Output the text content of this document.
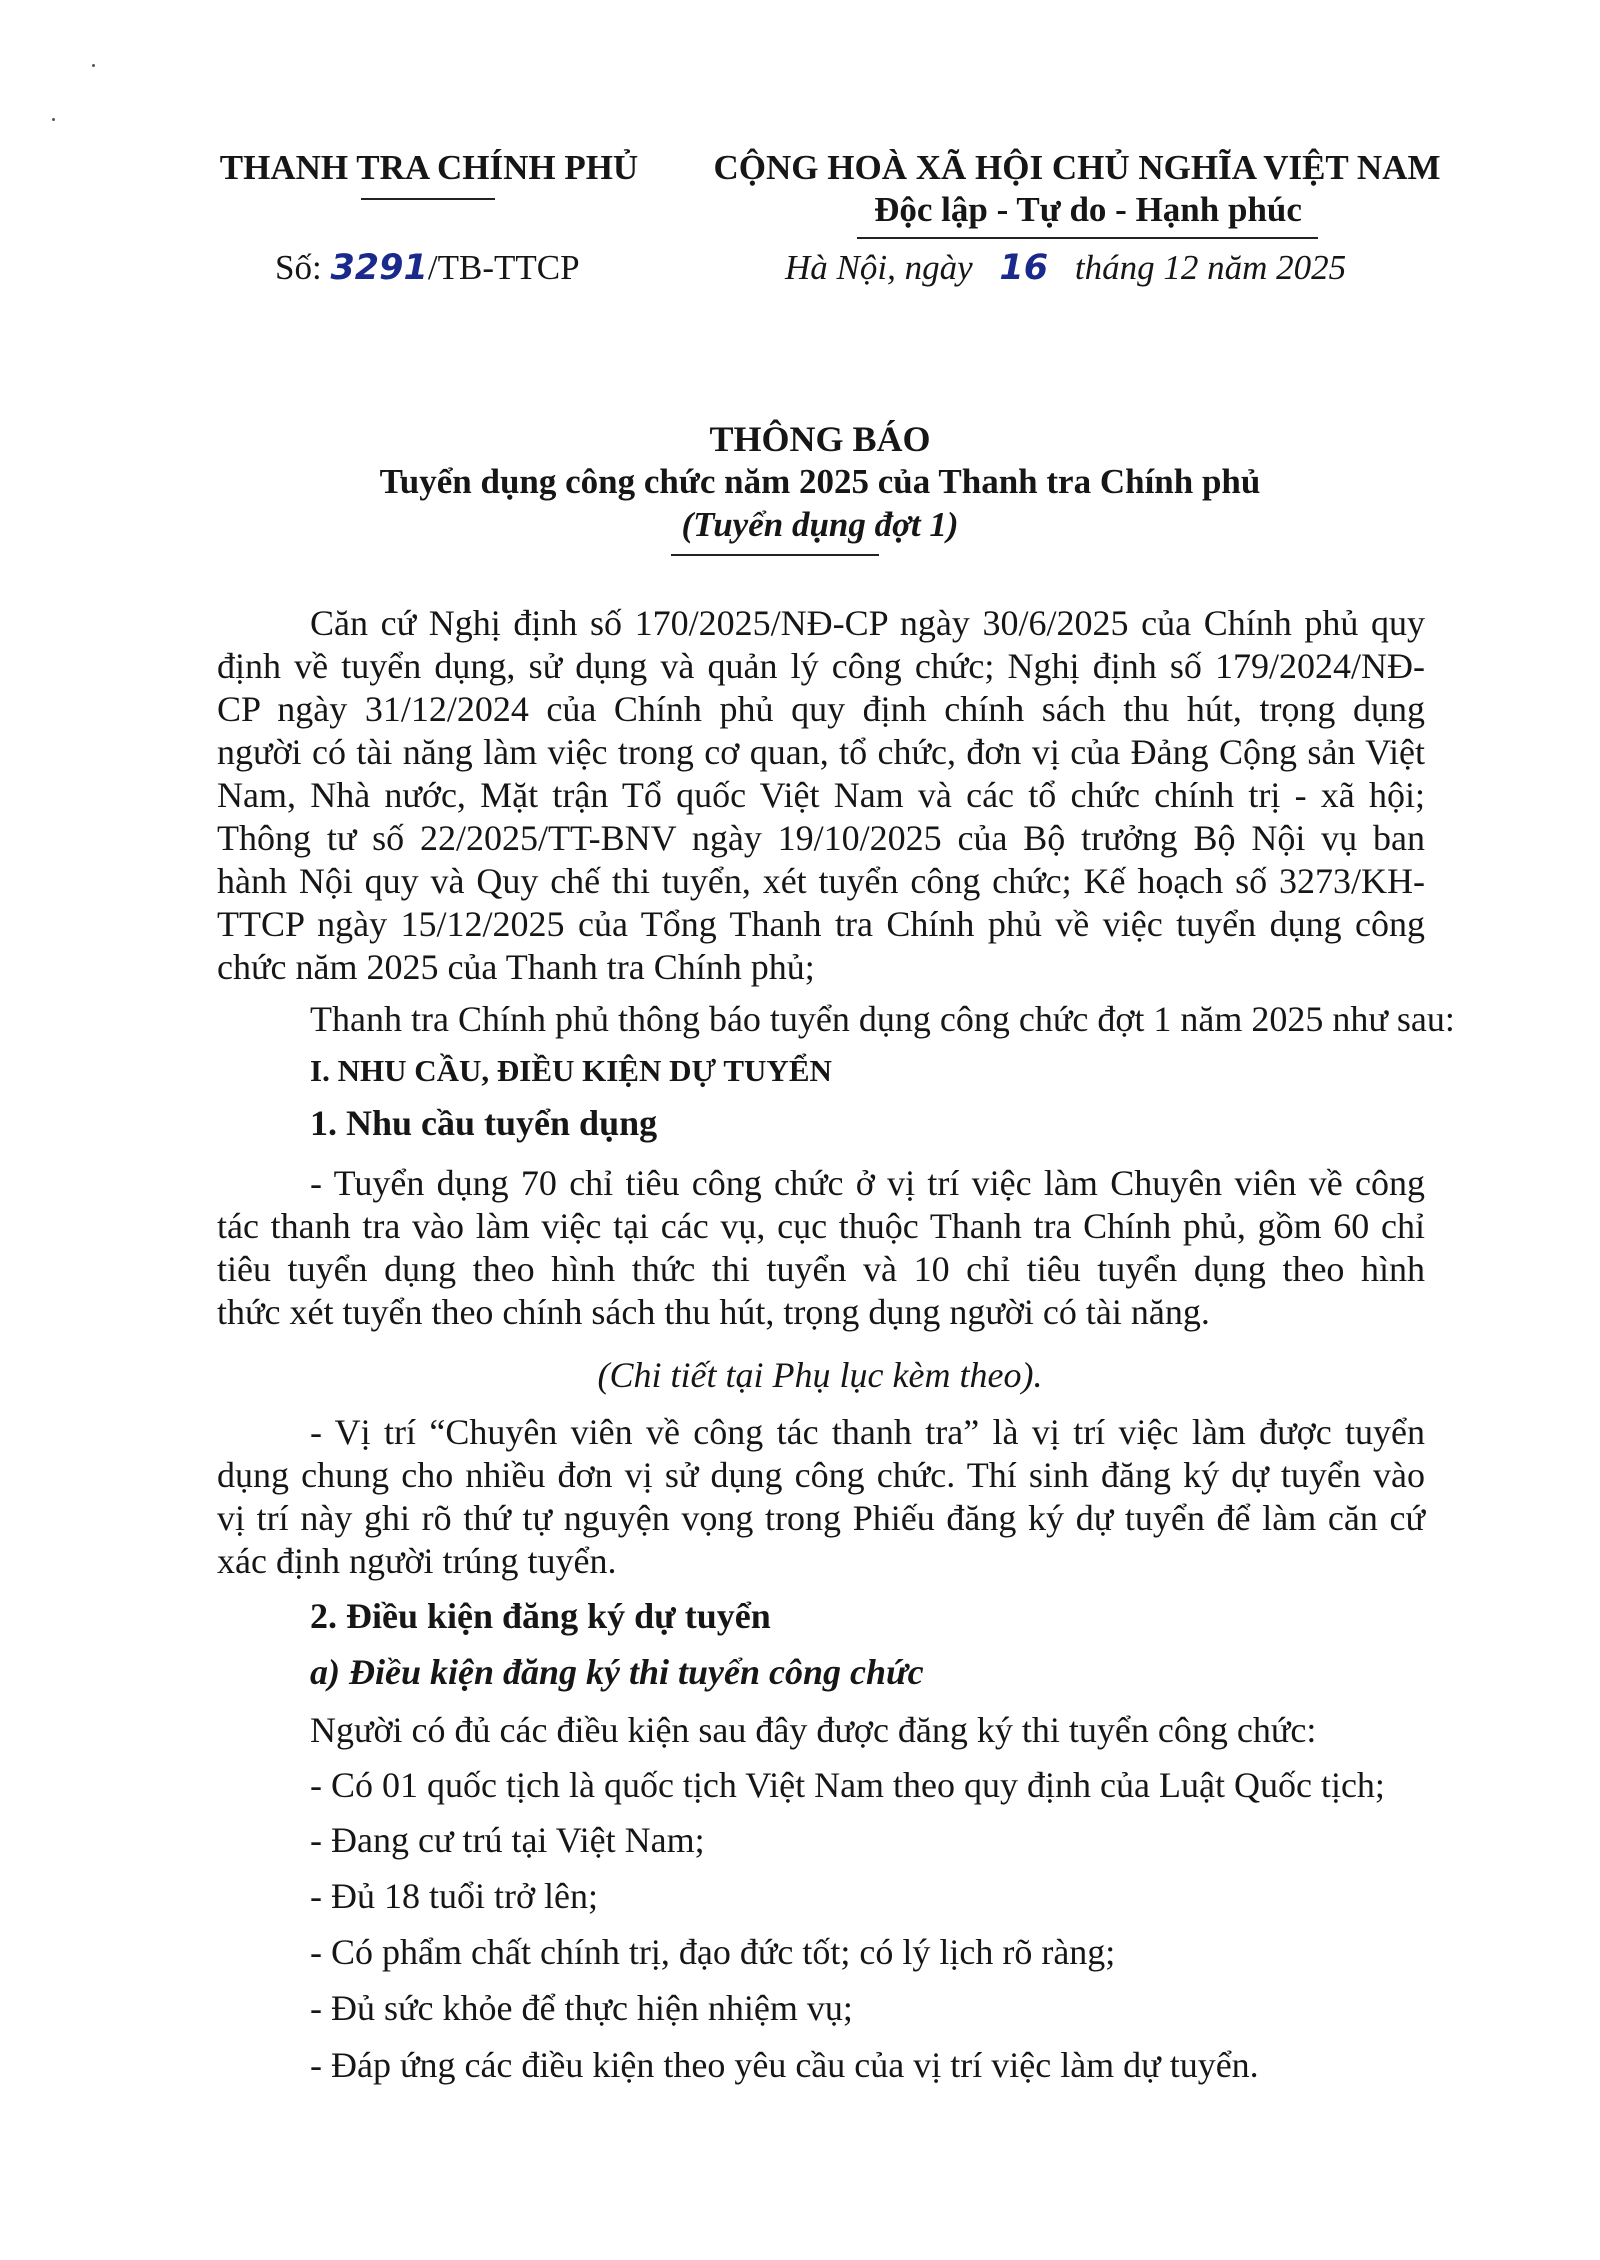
THANH TRA CHÍNH PHỦ CỘNG HOÀ XÃ HỘI CHỦ NGHĨA VIỆT NAM
Độc lập - Tự do - Hạnh phúc
Số: 3291/TB-TTCP	Hà Nội, ngày 16 tháng 12 năm 2025
THÔNG BÁO
Tuyển dụng công chức năm 2025 của Thanh tra Chính phủ
(Tuyển dụng đợt 1)
Căn cứ Nghị định số 170/2025/NĐ-CP ngày 30/6/2025 của Chính phủ quy
định về tuyển dụng, sử dụng và quản lý công chức; Nghị định số 179/2024/NĐ-
CP ngày 31/12/2024 của Chính phủ quy định chính sách thu hút, trọng dụng
người có tài năng làm việc trong cơ quan, tổ chức, đơn vị của Đảng Cộng sản Việt
Nam, Nhà nước, Mặt trận Tổ quốc Việt Nam và các tổ chức chính trị - xã hội;
Thông tư số 22/2025/TT-BNV ngày 19/10/2025 của Bộ trưởng Bộ Nội vụ ban
hành Nội quy và Quy chế thi tuyển, xét tuyển công chức; Kế hoạch số 3273/KH-
TTCP ngày 15/12/2025 của Tổng Thanh tra Chính phủ về việc tuyển dụng công
chức năm 2025 của Thanh tra Chính phủ;
Thanh tra Chính phủ thông báo tuyển dụng công chức đợt 1 năm 2025 như sau:
I. NHU CẦU, ĐIỀU KIỆN DỰ TUYỂN
1. Nhu cầu tuyển dụng
- Tuyển dụng 70 chỉ tiêu công chức ở vị trí việc làm Chuyên viên về công
tác thanh tra vào làm việc tại các vụ, cục thuộc Thanh tra Chính phủ, gồm 60 chỉ
tiêu tuyển dụng theo hình thức thi tuyển và 10 chỉ tiêu tuyển dụng theo hình
thức xét tuyển theo chính sách thu hút, trọng dụng người có tài năng.
(Chi tiết tại Phụ lục kèm theo).
- Vị trí “Chuyên viên về công tác thanh tra” là vị trí việc làm được tuyển
dụng chung cho nhiều đơn vị sử dụng công chức. Thí sinh đăng ký dự tuyển vào
vị trí này ghi rõ thứ tự nguyện vọng trong Phiếu đăng ký dự tuyển để làm căn cứ
xác định người trúng tuyển.
2. Điều kiện đăng ký dự tuyển
a) Điều kiện đăng ký thi tuyển công chức
Người có đủ các điều kiện sau đây được đăng ký thi tuyển công chức:
- Có 01 quốc tịch là quốc tịch Việt Nam theo quy định của Luật Quốc tịch;
- Đang cư trú tại Việt Nam;
- Đủ 18 tuổi trở lên;
- Có phẩm chất chính trị, đạo đức tốt; có lý lịch rõ ràng;
- Đủ sức khỏe để thực hiện nhiệm vụ;
- Đáp ứng các điều kiện theo yêu cầu của vị trí việc làm dự tuyển.
